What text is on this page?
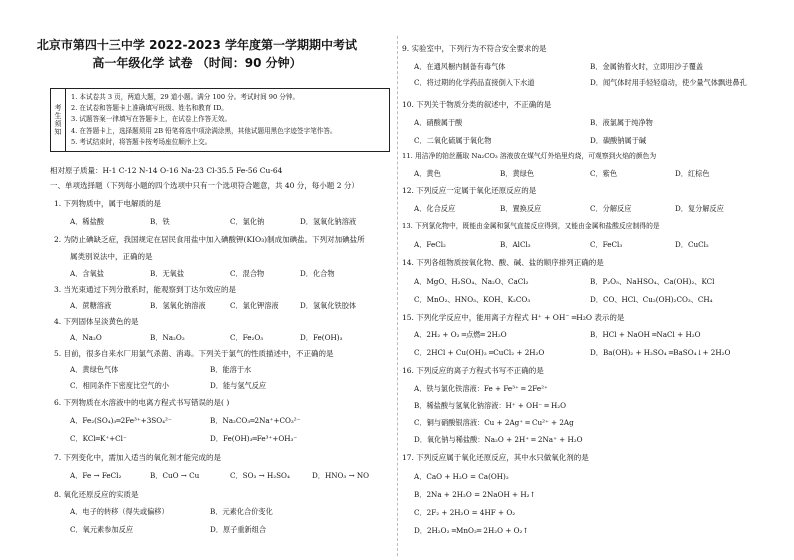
北京市第四十三中学 2022-2023 学年度第一学期期中考试
高一年级化学 试卷 （时间：90 分钟）
考
生
须
知
1. 本试卷共 3 页，两道大题，29 道小题。满分 100 分。考试时间 90 分钟。
2. 在试卷和答题卡上准确填写班级、姓名和教育 ID。
3. 试题答案一律填写在答题卡上，在试卷上作答无效。
4. 在答题卡上，选择题须用 2B 铅笔将选中项涂满涂黑，其他试题用黑色字迹签字笔作答。
5. 考试结束时，将答题卡按考场座位顺序上交。
相对原子质量：H-1 C-12 N-14 O-16 Na-23 Cl-35.5 Fe-56 Cu-64
一、单项选择题（下列每小题的四个选项中只有一个选项符合题意，共 40 分，每小题 2 分）
1. 下列物质中，属于电解质的是
A．稀盐酸	B．铁	C．氯化钠	D．氢氧化钠溶液
2. 为防止碘缺乏症，我国规定在居民食用盐中加入碘酸钾(KIO₃)制成加碘盐。下列对加碘盐所
属类别说法中，正确的是
A．含氧盐	B．无氧盐	C．混合物	D．化合物
3. 当光束通过下列分散系时，能观察到丁达尔效应的是
A．蔗糖溶液	B．氢氧化钠溶液	C．氯化钾溶液	D．氢氧化铁胶体
4. 下列固体呈淡黄色的是
A．Na₂O	B．Na₂O₂	C．Fe₂O₃	D．Fe(OH)₃
5. 目前，很多自来水厂用氯气杀菌、消毒。下列关于氯气的性质描述中，不正确的是
A．黄绿色气体	B．能溶于水
C．相同条件下密度比空气的小	D．能与氢气反应
6. 下列物质在水溶液中的电离方程式书写错误的是( )
A．Fe₂(SO₄)₃═2Fe³⁺+3SO₄²⁻	B．Na₂CO₃═2Na⁺+CO₃²⁻
C．KCl═K⁺+Cl⁻	D．Fe(OH)₃═Fe³⁺+OH₃⁻
7. 下列变化中，需加入适当的氧化剂才能完成的是
A．Fe → FeCl₂	B．CuO → Cu	C．SO₃ → H₂SO₄	D．HNO₃ → NO
8. 氧化还原反应的实质是
A．电子的转移（得失或偏移）	B．元素化合价变化
C．氧元素参加反应	D．原子重新组合
9. 实验室中，下列行为不符合安全要求的是
A．在通风橱内制备有毒气体	B．金属钠着火时，立即用沙子覆盖
C．将过期的化学药品直接倒入下水道	D．闻气体时用手轻轻扇动，使少量气体飘进鼻孔
10. 下列关于物质分类的叙述中，不正确的是
A．硝酸属于酸	B．液氯属于纯净物
C．二氧化硫属于氧化物	D．碳酸钠属于碱
11. 用洁净的铂丝蘸取 Na₂CO₃ 溶液放在煤气灯外焰里灼烧，可观察到火焰的颜色为
A．黄色	B．黄绿色	C．紫色	D．红棕色
12. 下列反应一定属于氧化还原反应的是
A．化合反应	B．置换反应	C．分解反应	D．复分解反应
13. 下列氯化物中，既能由金属和氯气直接反应得到，又能由金属和盐酸反应制得的是
A．FeCl₂	B．AlCl₃	C．FeCl₃	D．CuCl₂
14. 下列各组物质按氧化物、酸、碱、盐的顺序排列正确的是
A．MgO、H₂SO₄、Na₂O、CaCl₂	B．P₂O₅、NaHSO₄、Ca(OH)₂、KCl
C．MnO₂、HNO₃、KOH、K₂CO₃	D．CO、HCl、Cu₂(OH)₂CO₃、CH₄
15. 下列化学反应中，能用离子方程式 H⁺ + OH⁻ ═H₂O 表示的是
A．2H₂ + O₂ ═点燃═ 2H₂O	B．HCl + NaOH ═NaCl + H₂O
C．2HCl + Cu(OH)₂ ═CuCl₂ + 2H₂O	D．Ba(OH)₂ + H₂SO₄ ═BaSO₄↓+ 2H₂O
16. 下列反应的离子方程式书写不正确的是
A．铁与氯化铁溶液：Fe + Fe³⁺ ═ 2Fe²⁺
B．稀盐酸与氢氧化钠溶液：H⁺ + OH⁻ ═ H₂O
C．铜与硝酸银溶液：Cu + 2Ag⁺ ═ Cu²⁺ + 2Ag
D．氧化钠与稀盐酸：Na₂O + 2H⁺ ═ 2Na⁺ + H₂O
17. 下列反应属于氧化还原反应，其中水只做氧化剂的是
A．CaO + H₂O = Ca(OH)₂
B．2Na + 2H₂O = 2NaOH + H₂↑
C．2F₂ + 2H₂O = 4HF + O₂
D．2H₂O₂ ═MnO₂═ 2H₂O + O₂↑
